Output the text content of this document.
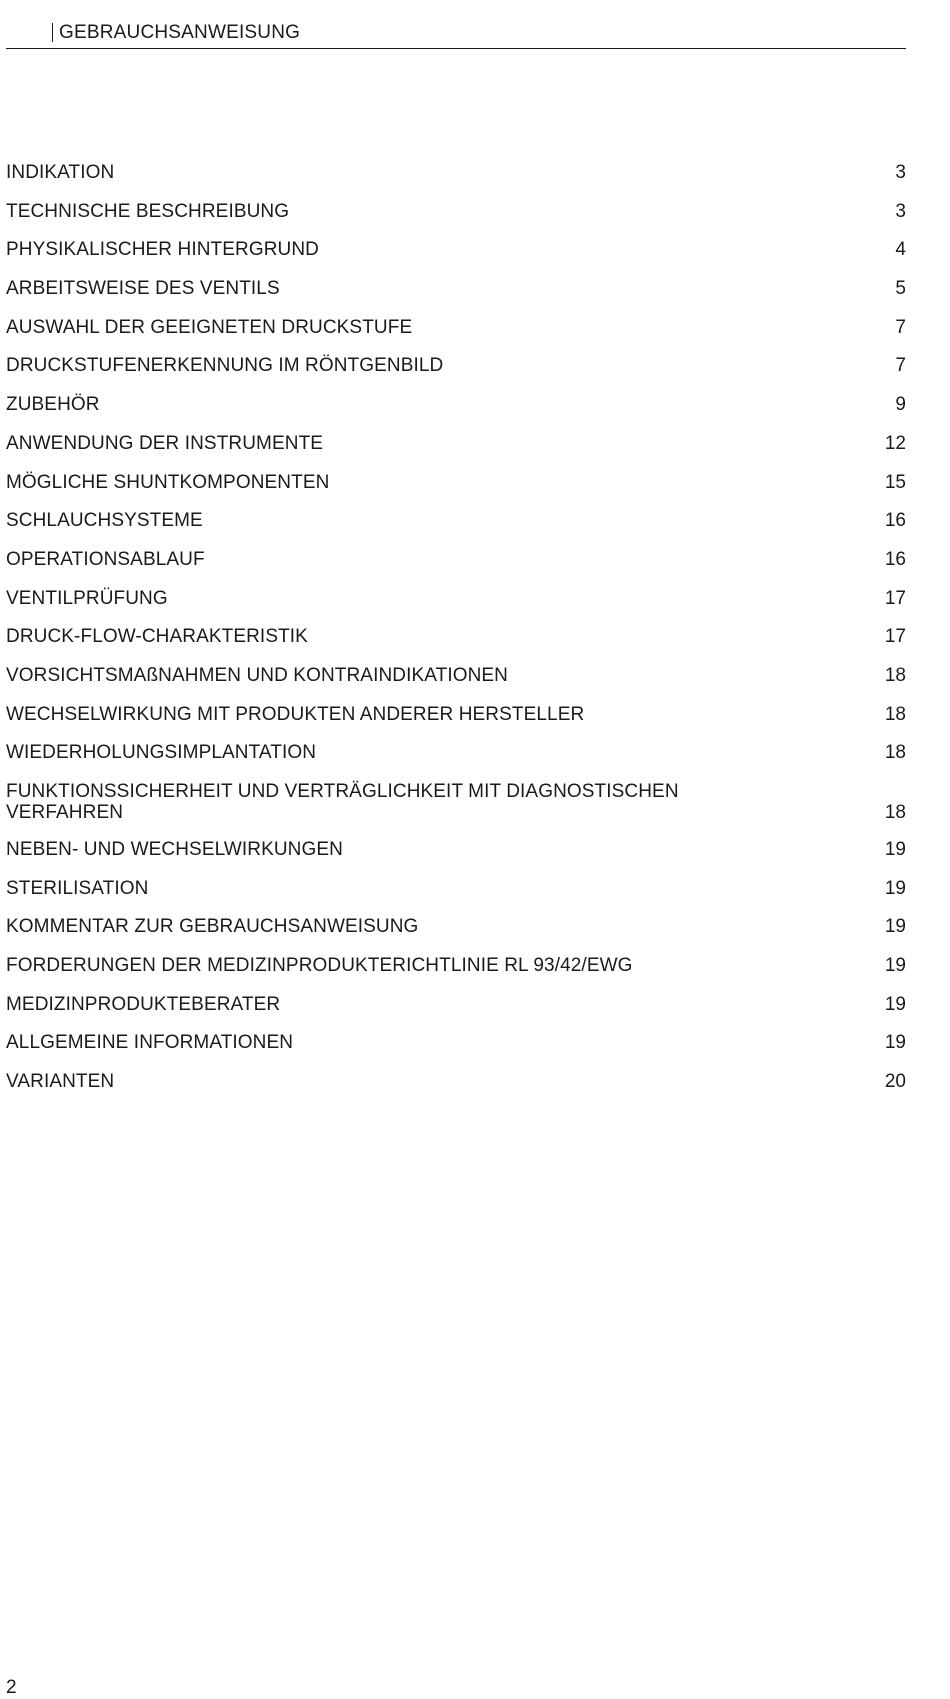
GEBRAUCHSANWEISUNG
INDIKATION	3
TECHNISCHE BESCHREIBUNG	3
PHYSIKALISCHER HINTERGRUND	4
ARBEITSWEISE DES VENTILS	5
AUSWAHL DER GEEIGNETEN DRUCKSTUFE	7
DRUCKSTUFENERKENNUNG IM RÖNTGENBILD	7
ZUBEHÖR	9
ANWENDUNG DER INSTRUMENTE	12
MÖGLICHE SHUNTKOMPONENTEN	15
SCHLAUCHSYSTEME	16
OPERATIONSABLAUF	16
VENTILPRÜFUNG	17
DRUCK-FLOW-CHARAKTERISTIK	17
VORSICHTSMAßNAHMEN UND KONTRAINDIKATIONEN	18
WECHSELWIRKUNG MIT PRODUKTEN ANDERER HERSTELLER	18
WIEDERHOLUNGSIMPLANTATION	18
FUNKTIONSSICHERHEIT UND VERTRÄGLICHKEIT MIT DIAGNOSTISCHEN VERFAHREN	18
NEBEN- UND WECHSELWIRKUNGEN	19
STERILISATION	19
KOMMENTAR ZUR GEBRAUCHSANWEISUNG	19
FORDERUNGEN DER MEDIZINPRODUKTERICHTLINIE RL 93/42/EWG	19
MEDIZINPRODUKTEBERATER	19
ALLGEMEINE INFORMATIONEN	19
VARIANTEN	20
2
